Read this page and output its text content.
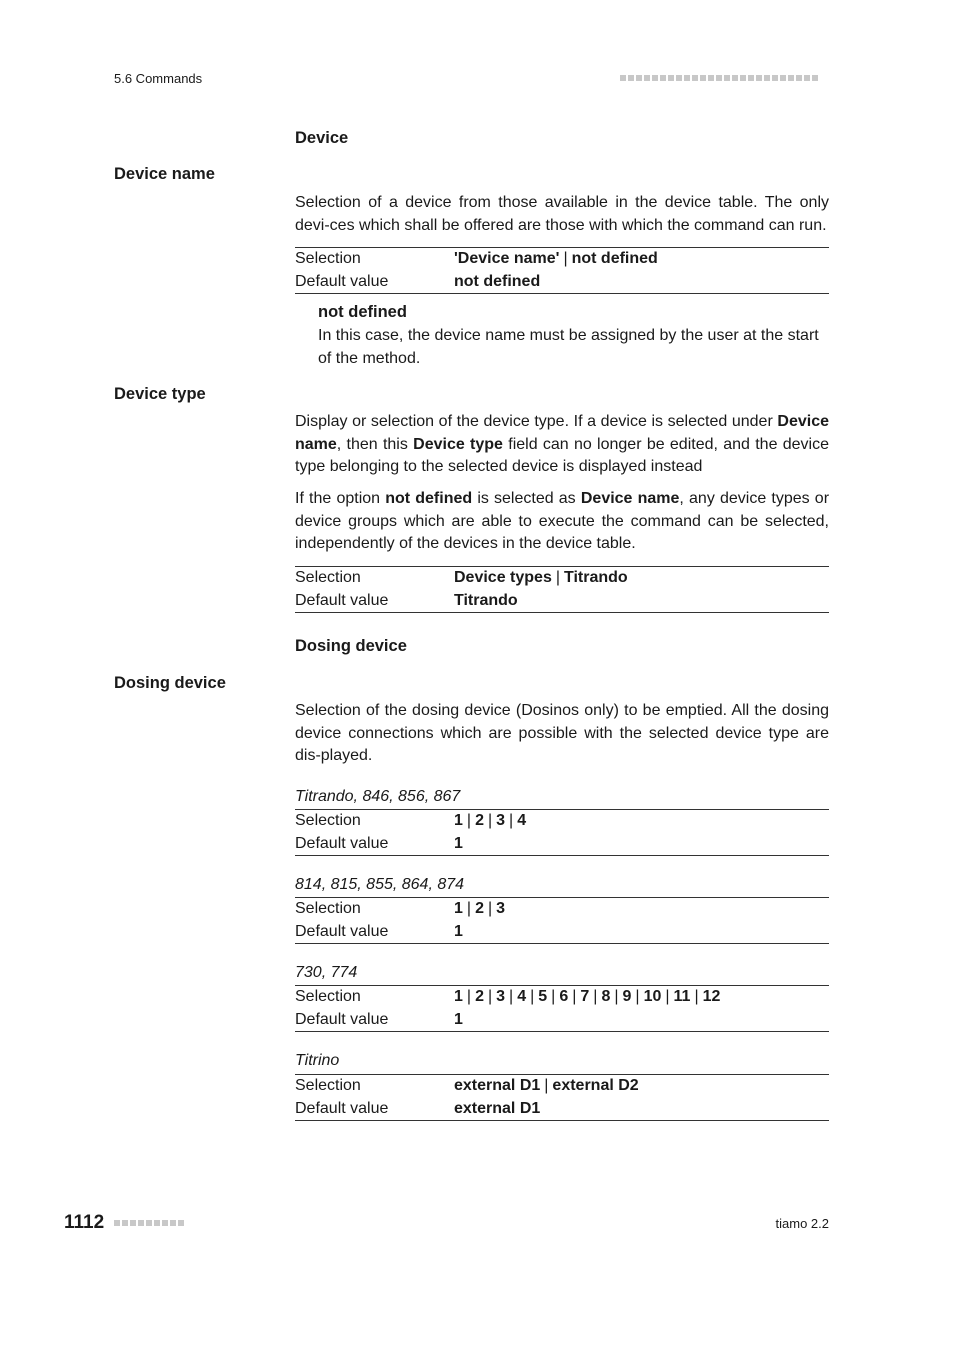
5.6 Commands
Device
Device name
Selection of a device from those available in the device table. The only devi-ces which shall be offered are those with which the command can run.
Selection	'Device name' | not defined
Default value	not defined
not defined
In this case, the device name must be assigned by the user at the start of the method.
Device type
Display or selection of the device type. If a device is selected under Device name, then this Device type field can no longer be edited, and the device type belonging to the selected device is displayed instead
If the option not defined is selected as Device name, any device types or device groups which are able to execute the command can be selected, independently of the devices in the device table.
Selection	Device types | Titrando
Default value	Titrando
Dosing device
Dosing device
Selection of the dosing device (Dosinos only) to be emptied. All the dosing device connections which are possible with the selected device type are dis-played.
Titrando, 846, 856, 867
Selection	1 | 2 | 3 | 4
Default value	1
814, 815, 855, 864, 874
Selection	1 | 2 | 3
Default value	1
730, 774
Selection	1 | 2 | 3 | 4 | 5 | 6 | 7 | 8 | 9 | 10 | 11 | 12
Default value	1
Titrino
Selection	external D1 | external D2
Default value	external D1
1112	tiamo 2.2
